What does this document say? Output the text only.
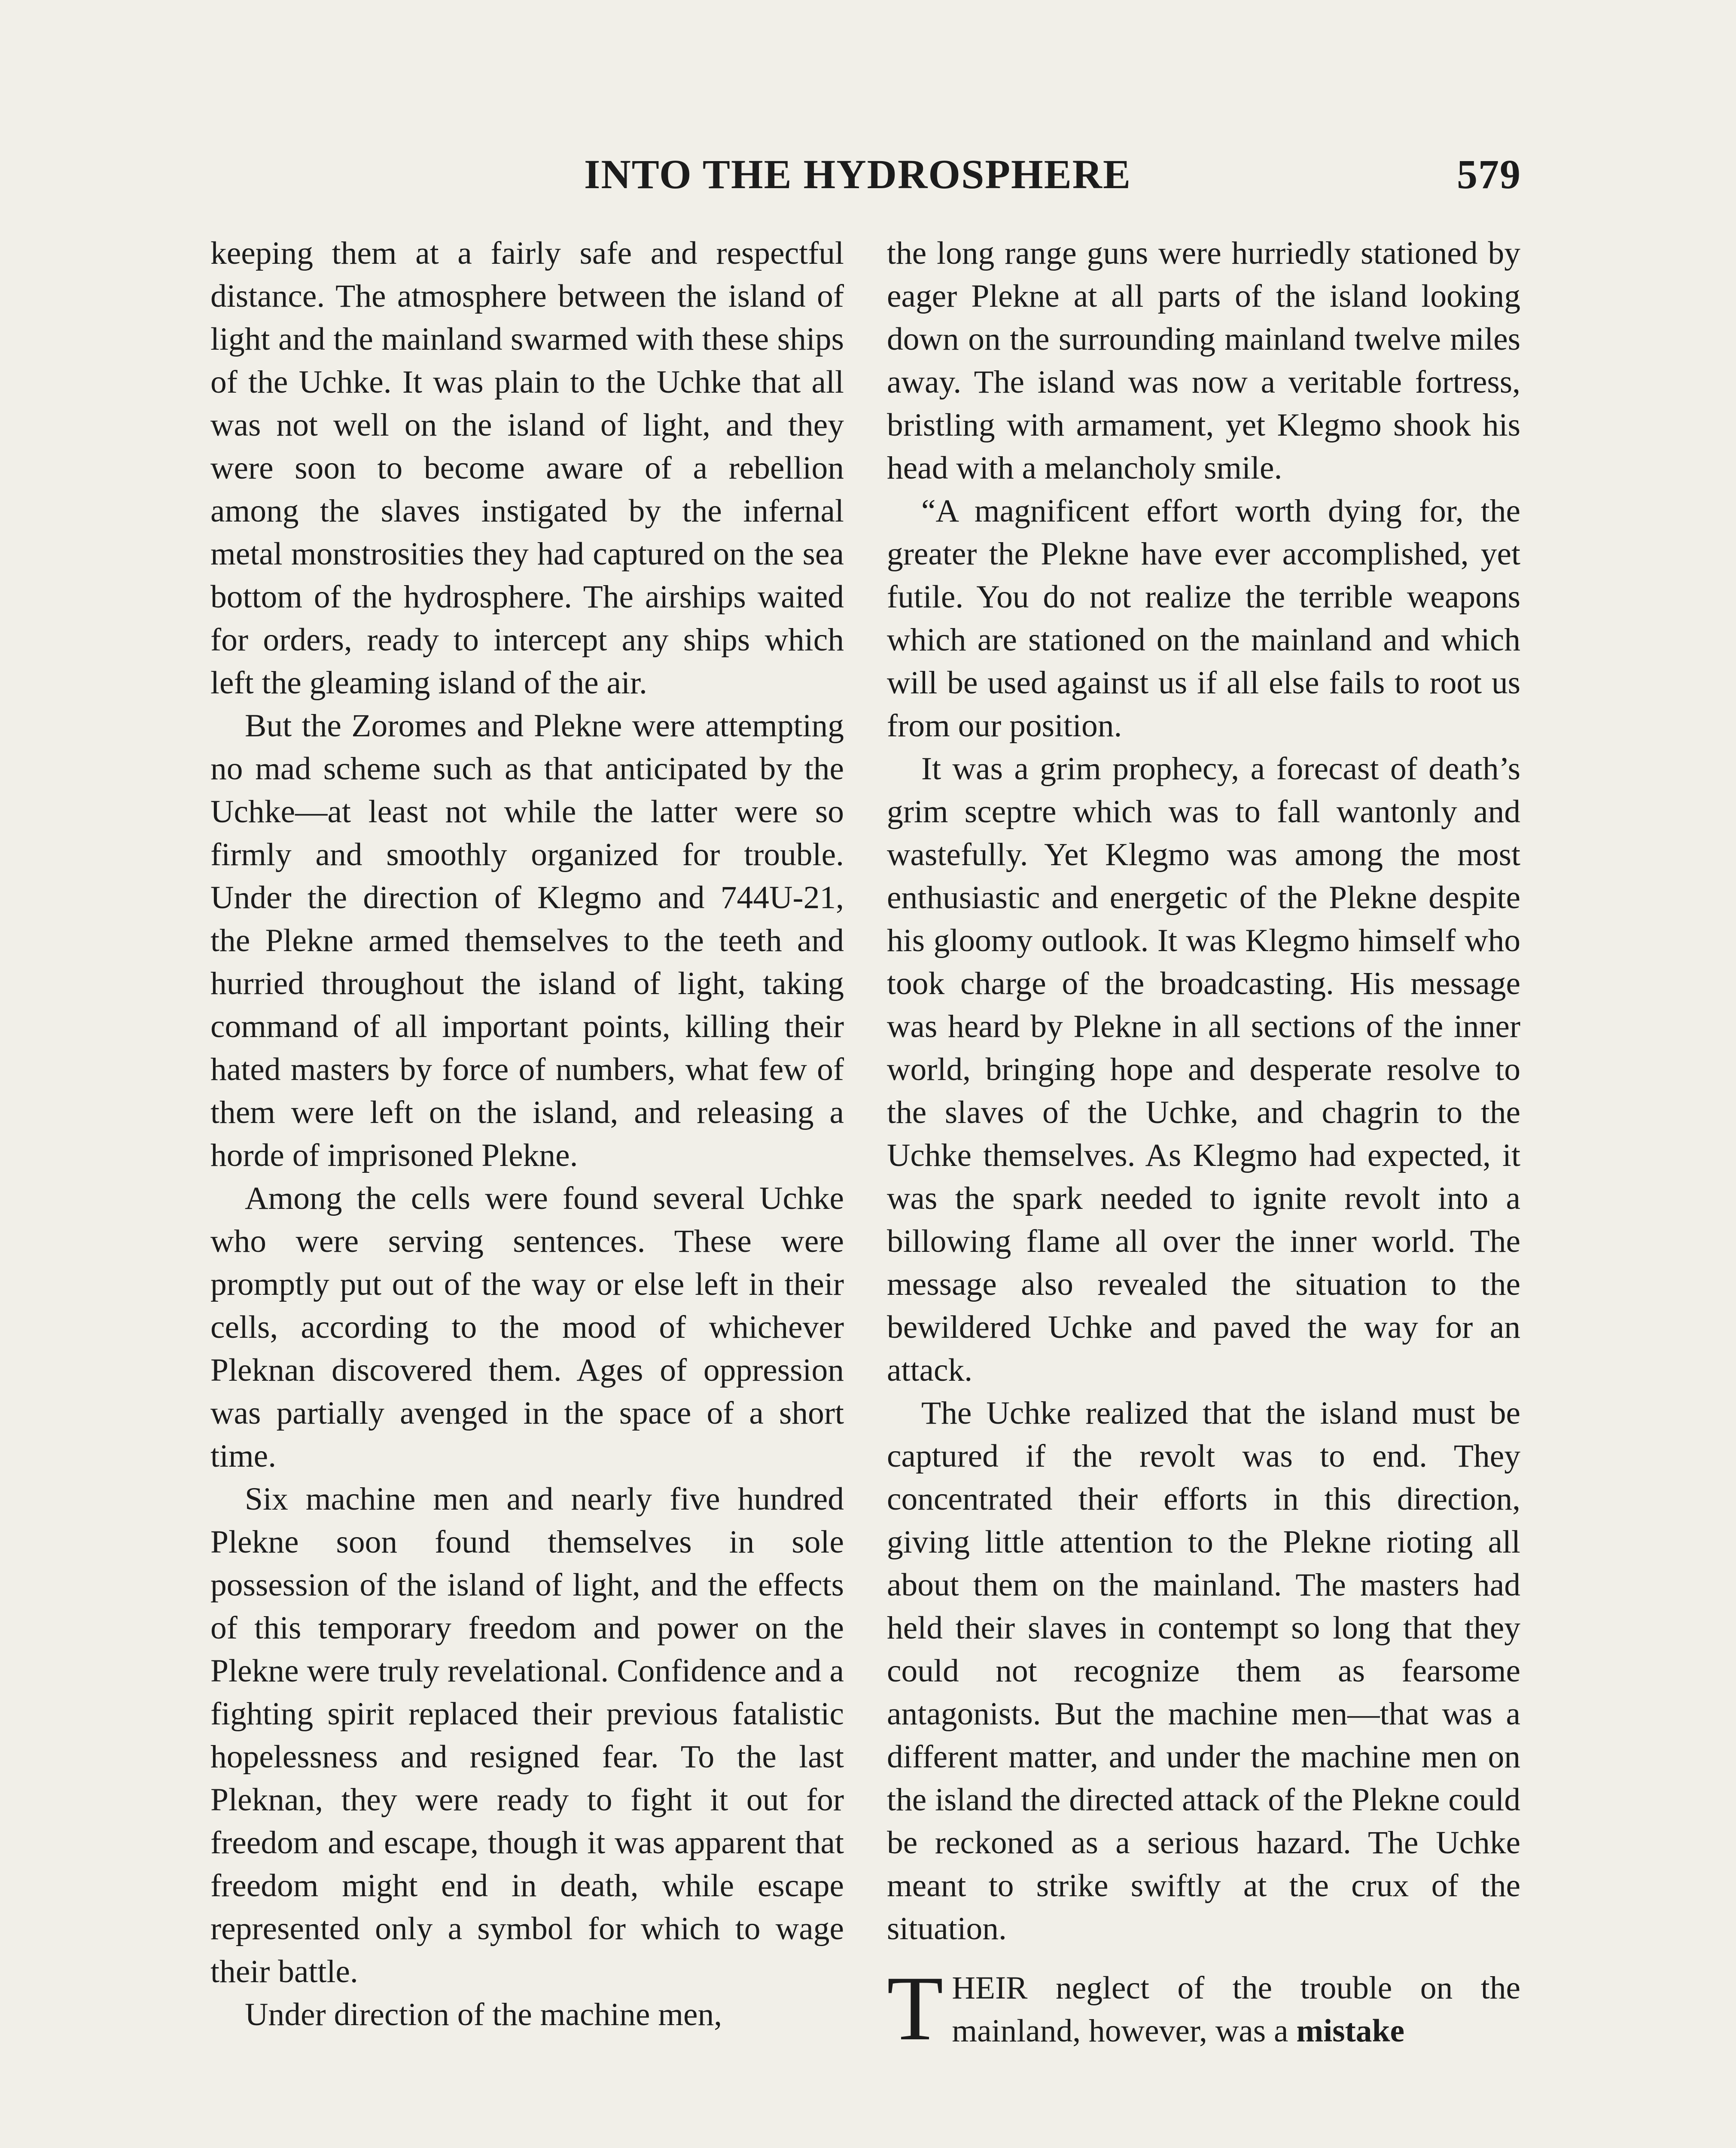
INTO THE HYDROSPHERE	579

keeping them at a fairly safe and respectful distance. The atmosphere between the island of light and the mainland swarmed with these ships of the Uchke. It was plain to the Uchke that all was not well on the island of light, and they were soon to become aware of a rebellion among the slaves instigated by the infernal metal monstrosities they had captured on the sea bottom of the hydrosphere. The airships waited for orders, ready to intercept any ships which left the gleaming island of the air.

But the Zoromes and Plekne were attempting no mad scheme such as that anticipated by the Uchke—at least not while the latter were so firmly and smoothly organized for trouble. Under the direction of Klegmo and 744U-21, the Plekne armed themselves to the teeth and hurried throughout the island of light, taking command of all important points, killing their hated masters by force of numbers, what few of them were left on the island, and releasing a horde of imprisoned Plekne.

Among the cells were found several Uchke who were serving sentences. These were promptly put out of the way or else left in their cells, according to the mood of whichever Pleknan discovered them. Ages of oppression was partially avenged in the space of a short time.

Six machine men and nearly five hundred Plekne soon found themselves in sole possession of the island of light, and the effects of this temporary freedom and power on the Plekne were truly revelational. Confidence and a fighting spirit replaced their previous fatalistic hopelessness and resigned fear. To the last Pleknan, they were ready to fight it out for freedom and escape, though it was apparent that freedom might end in death, while escape represented only a symbol for which to wage their battle.

Under direction of the machine men,

the long range guns were hurriedly stationed by eager Plekne at all parts of the island looking down on the surrounding mainland twelve miles away. The island was now a veritable fortress, bristling with armament, yet Klegmo shook his head with a melancholy smile.

“A magnificent effort worth dying for, the greater the Plekne have ever accomplished, yet futile. You do not realize the terrible weapons which are stationed on the mainland and which will be used against us if all else fails to root us from our position.

It was a grim prophecy, a forecast of death’s grim sceptre which was to fall wantonly and wastefully. Yet Klegmo was among the most enthusiastic and energetic of the Plekne despite his gloomy outlook. It was Klegmo himself who took charge of the broadcasting. His message was heard by Plekne in all sections of the inner world, bringing hope and desperate resolve to the slaves of the Uchke, and chagrin to the Uchke themselves. As Klegmo had expected, it was the spark needed to ignite revolt into a billowing flame all over the inner world. The message also revealed the situation to the bewildered Uchke and paved the way for an attack.

The Uchke realized that the island must be captured if the revolt was to end. They concentrated their efforts in this direction, giving little attention to the Plekne rioting all about them on the mainland. The masters had held their slaves in contempt so long that they could not recognize them as fearsome antagonists. But the machine men—that was a different matter, and under the machine men on the island the directed attack of the Plekne could be reckoned as a serious hazard. The Uchke meant to strike swiftly at the crux of the situation.

T HEIR neglect of the trouble on the mainland, however, was a mistake
